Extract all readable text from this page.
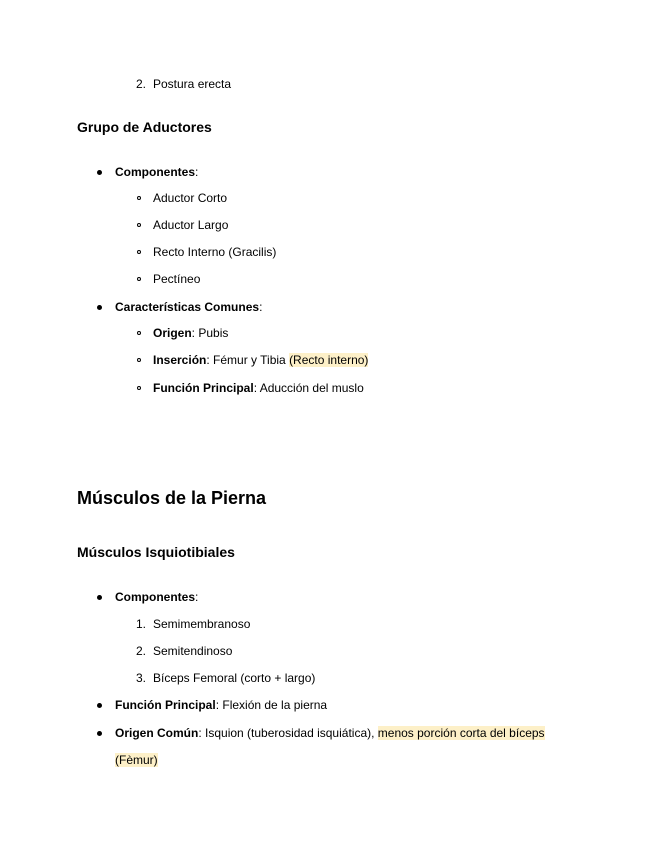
2. Postura erecta
Grupo de Aductores
Componentes:
Aductor Corto
Aductor Largo
Recto Interno (Gracilis)
Pectíneo
Características Comunes:
Origen: Pubis
Inserción: Fémur y Tibia (Recto interno)
Función Principal: Aducción del muslo
Músculos de la Pierna
Músculos Isquiotibiales
Componentes:
1. Semimembranoso
2. Semitendinoso
3. Bíceps Femoral (corto + largo)
Función Principal: Flexión de la pierna
Origen Común: Isquion (tuberosidad isquiática), menos porción corta del bíceps
(Fèmur)
